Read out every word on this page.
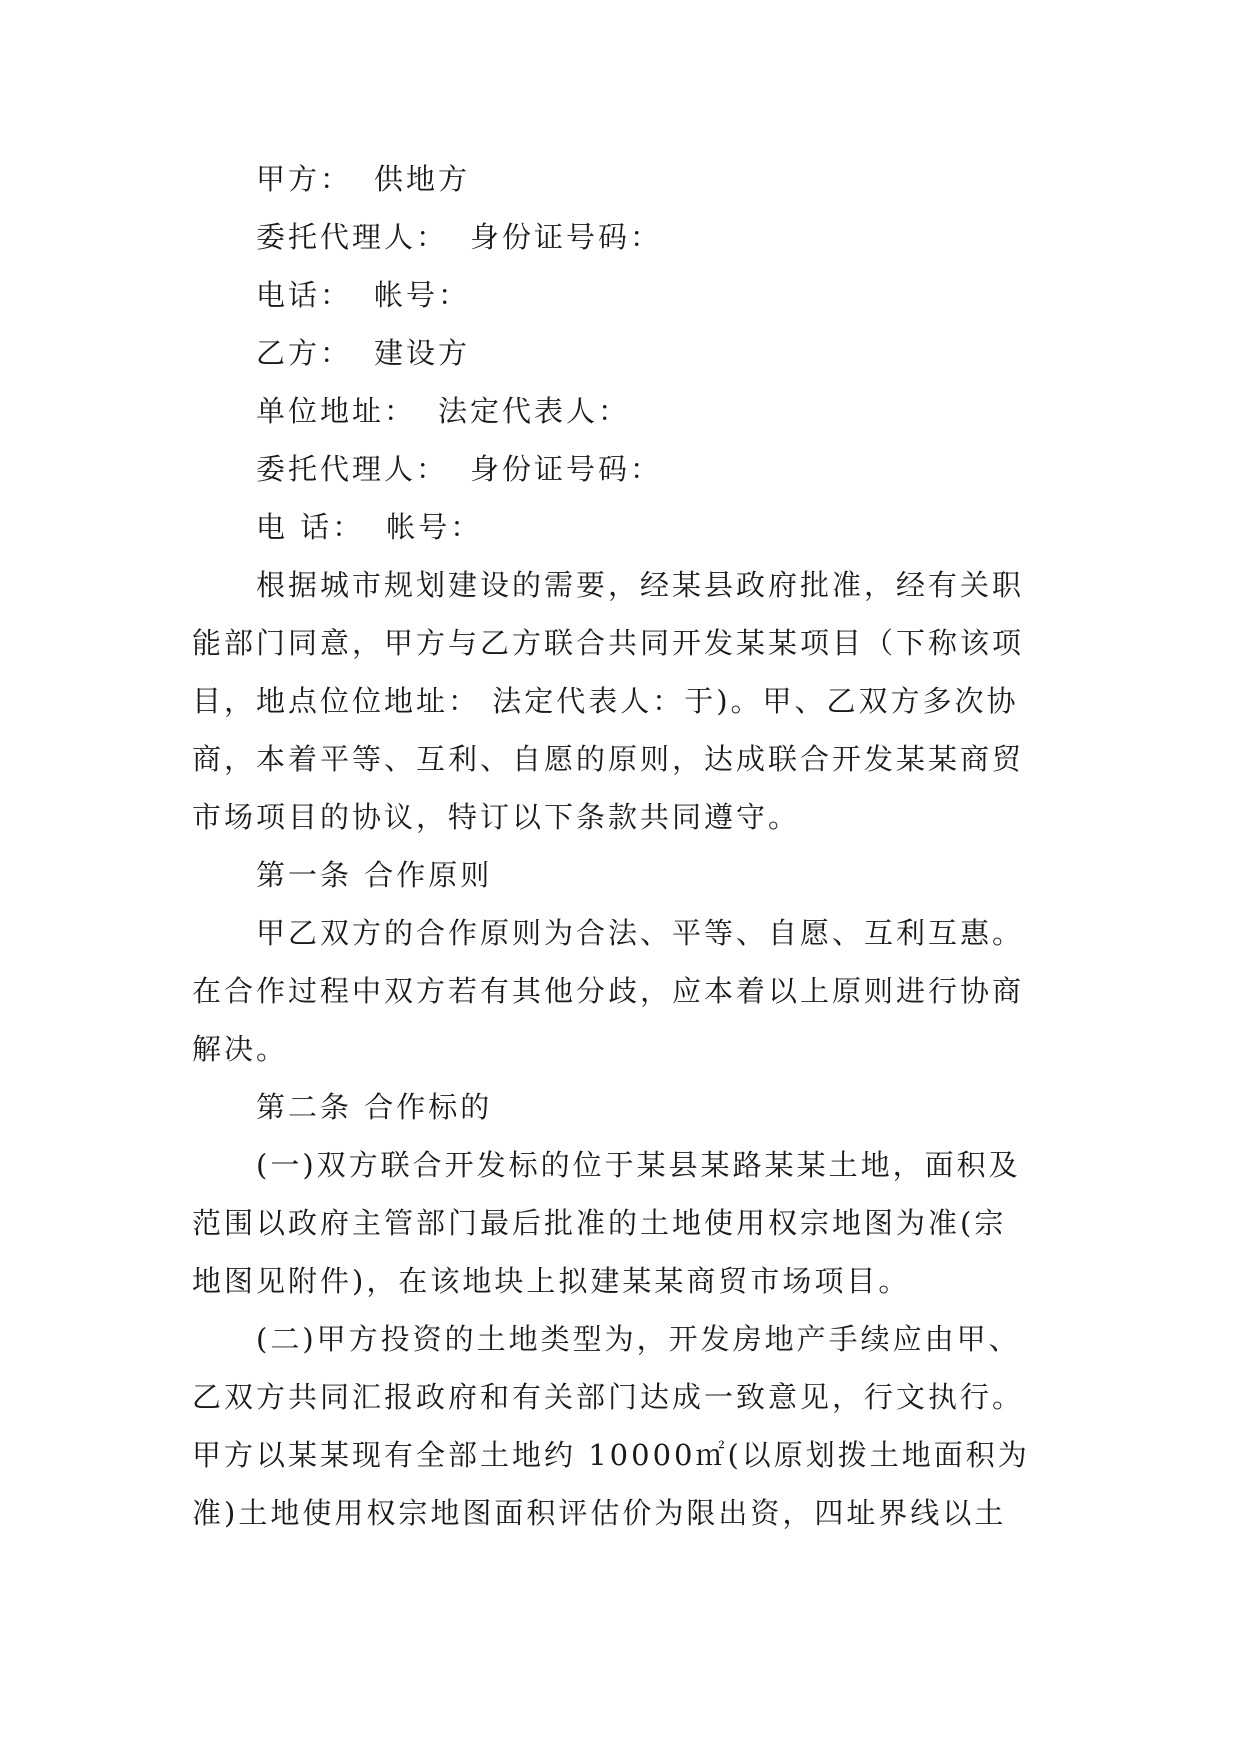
甲方： 供地方
委托代理人： 身份证号码：
电话： 帐号：
乙方： 建设方
单位地址： 法定代表人：
委托代理人： 身份证号码：
电 话： 帐号：
根据城市规划建设的需要，经某县政府批准，经有关职
能部门同意，甲方与乙方联合共同开发某某项目（下称该项
目，地点位位地址： 法定代表人：于)。甲、乙双方多次协
商，本着平等、互利、自愿的原则，达成联合开发某某商贸
市场项目的协议，特订以下条款共同遵守。
第一条 合作原则
甲乙双方的合作原则为合法、平等、自愿、互利互惠。
在合作过程中双方若有其他分歧，应本着以上原则进行协商
解决。
第二条 合作标的
(一)双方联合开发标的位于某县某路某某土地，面积及
范围以政府主管部门最后批准的土地使用权宗地图为准(宗
地图见附件)，在该地块上拟建某某商贸市场项目。
(二)甲方投资的土地类型为，开发房地产手续应由甲、
乙双方共同汇报政府和有关部门达成一致意见，行文执行。
甲方以某某现有全部土地约 10000㎡(以原划拨土地面积为
准)土地使用权宗地图面积评估价为限出资，四址界线以土
